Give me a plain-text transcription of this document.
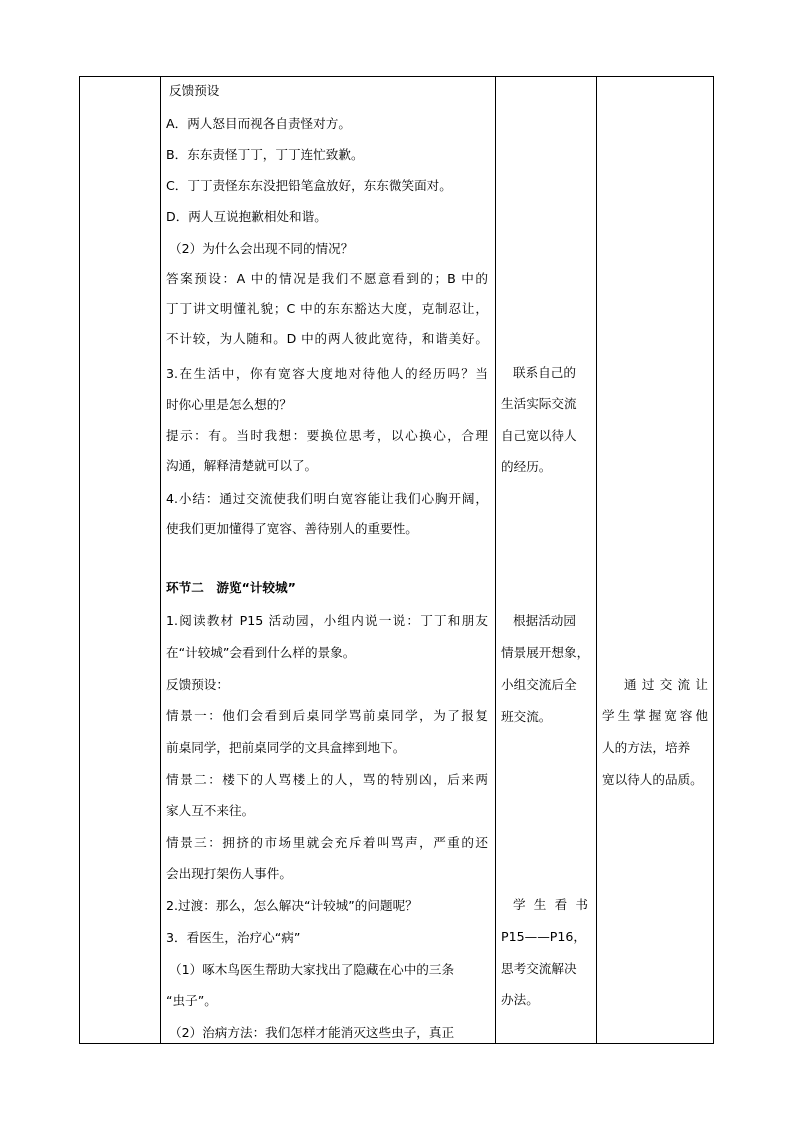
反馈预设
A．两人怒目而视各自责怪对方。
B．东东责怪丁丁，丁丁连忙致歉。
C．丁丁责怪东东没把铅笔盒放好，东东微笑面对。
D．两人互说抱歉相处和谐。
（2）为什么会出现不同的情况？
答案预设：A 中的情况是我们不愿意看到的；B 中的
丁丁讲文明懂礼貌；C 中的东东豁达大度，克制忍让，
不计较，为人随和。D 中的两人彼此宽待，和谐美好。
3.在生活中，你有宽容大度地对待他人的经历吗？当
时你心里是怎么想的？
提示：有。当时我想：要换位思考，以心换心，合理
沟通，解释清楚就可以了。
4.小结：通过交流使我们明白宽容能让我们心胸开阔，
使我们更加懂得了宽容、善待别人的重要性。
环节二　游览“计较城”
1.阅读教材 P15 活动园，小组内说一说：丁丁和朋友
在“计较城”会看到什么样的景象。
反馈预设：
情景一：他们会看到后桌同学骂前桌同学，为了报复
前桌同学，把前桌同学的文具盒摔到地下。
情景二：楼下的人骂楼上的人，骂的特别凶，后来两
家人互不来往。
情景三：拥挤的市场里就会充斥着叫骂声，严重的还
会出现打架伤人事件。
2.过渡：那么，怎么解决“计较城”的问题呢？
3．看医生，治疗心“病”
（1）啄木鸟医生帮助大家找出了隐藏在心中的三条
“虫子”。
（2）治病方法：我们怎样才能消灭这些虫子，真正
联系自己的
生活实际交流
自己宽以待人
的经历。
根据活动园
情景展开想象，
小组交流后全
班交流。
学 生 看 书
P15——P16，
思考交流解决
办法。
通过交流让
学生掌握宽容他
人的方法，培养
宽以待人的品质。
